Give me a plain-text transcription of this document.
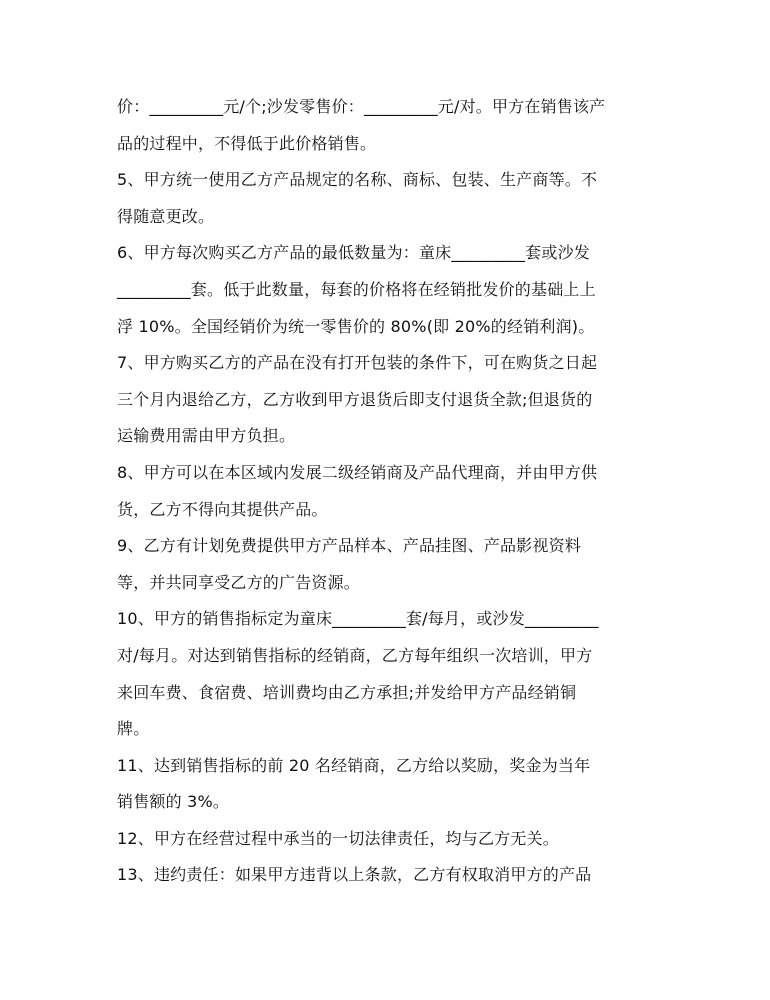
价：_________元/个;沙发零售价：_________元/对。甲方在销售该产
品的过程中，不得低于此价格销售。
5、甲方统一使用乙方产品规定的名称、商标、包装、生产商等。不
得随意更改。
6、甲方每次购买乙方产品的最低数量为：童床_________套或沙发
_________套。低于此数量，每套的价格将在经销批发价的基础上上
浮 10%。全国经销价为统一零售价的 80%(即 20%的经销利润)。
7、甲方购买乙方的产品在没有打开包装的条件下，可在购货之日起
三个月内退给乙方，乙方收到甲方退货后即支付退货全款;但退货的
运输费用需由甲方负担。
8、甲方可以在本区域内发展二级经销商及产品代理商，并由甲方供
货，乙方不得向其提供产品。
9、乙方有计划免费提供甲方产品样本、产品挂图、产品影视资料
等，并共同享受乙方的广告资源。
10、甲方的销售指标定为童床_________套/每月，或沙发_________
对/每月。对达到销售指标的经销商，乙方每年组织一次培训，甲方
来回车费、食宿费、培训费均由乙方承担;并发给甲方产品经销铜
牌。
11、达到销售指标的前 20 名经销商，乙方给以奖励，奖金为当年
销售额的 3%。
12、甲方在经营过程中承当的一切法律责任，均与乙方无关。
13、违约责任：如果甲方违背以上条款，乙方有权取消甲方的产品
